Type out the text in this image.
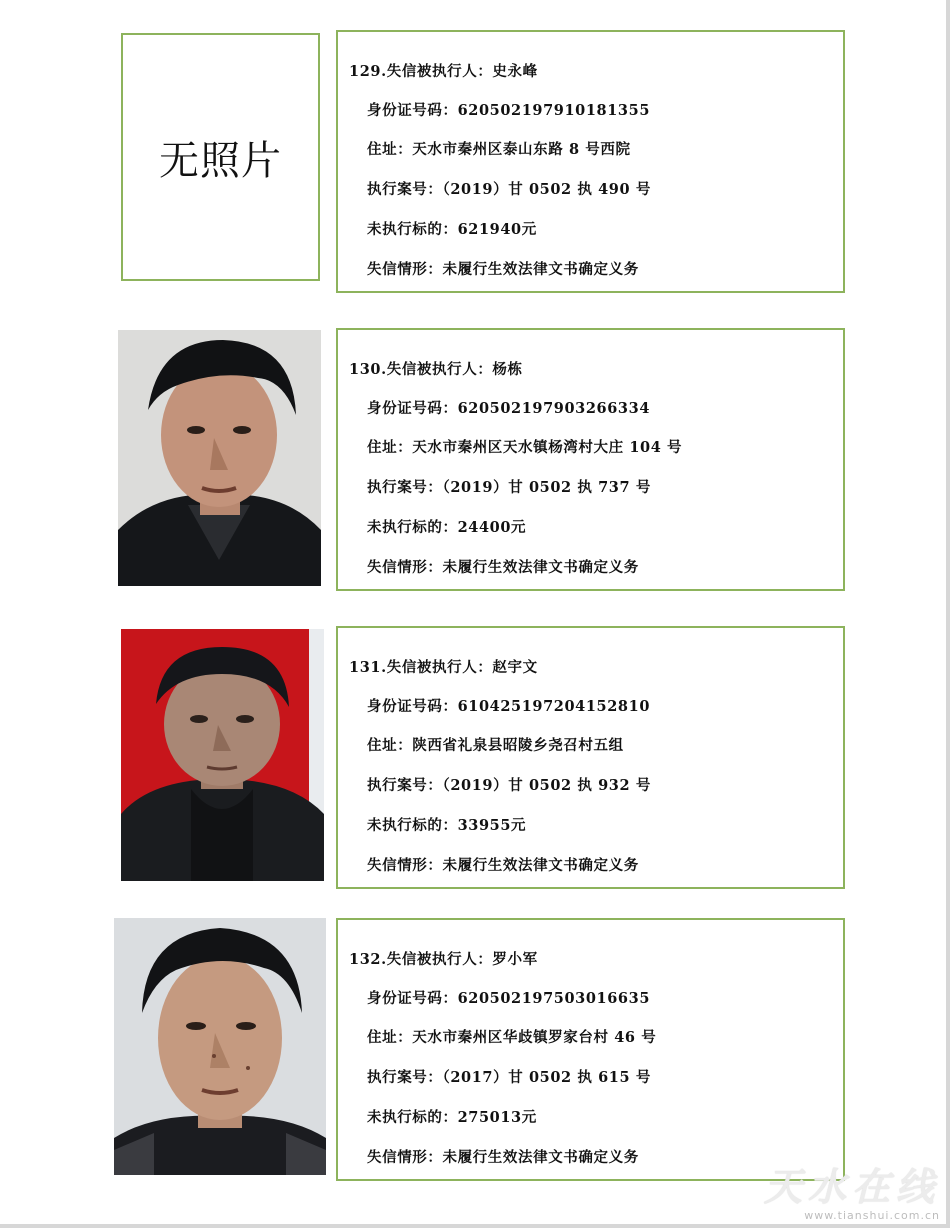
无照片
129.失信被执行人：史永峰
身份证号码：620502197910181355
住址：天水市秦州区泰山东路 8 号西院
执行案号：（2019）甘 0502 执 490 号
未执行标的：621940元
失信情形：未履行生效法律文书确定义务
130.失信被执行人：杨栋
身份证号码：620502197903266334
住址：天水市秦州区天水镇杨湾村大庄 104 号
执行案号：（2019）甘 0502 执 737 号
未执行标的：24400元
失信情形：未履行生效法律文书确定义务
131.失信被执行人：赵宇文
身份证号码：610425197204152810
住址：陕西省礼泉县昭陵乡尧召村五组
执行案号：（2019）甘 0502 执 932 号
未执行标的：33955元
失信情形：未履行生效法律文书确定义务
132.失信被执行人：罗小军
身份证号码：620502197503016635
住址：天水市秦州区华歧镇罗家台村 46 号
执行案号：（2017）甘 0502 执 615 号
未执行标的：275013元
失信情形：未履行生效法律文书确定义务
天水在线
www.tianshui.com.cn
